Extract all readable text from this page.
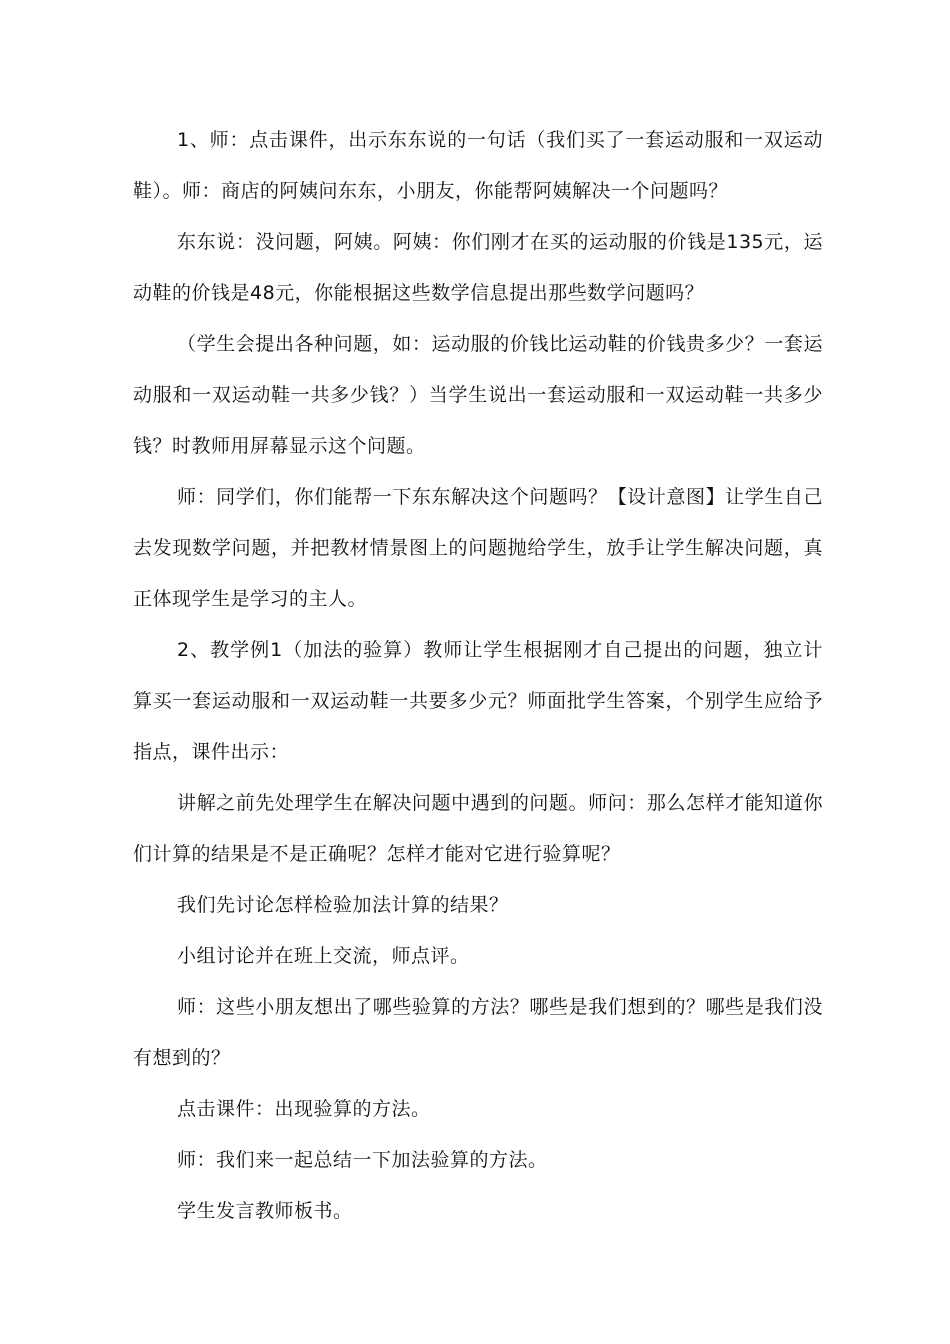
1、师：点击课件，出示东东说的一句话（我们买了一套运动服和一双运动鞋）。师：商店的阿姨问东东，小朋友，你能帮阿姨解决一个问题吗？

东东说：没问题，阿姨。阿姨：你们刚才在买的运动服的价钱是135元，运动鞋的价钱是48元，你能根据这些数学信息提出那些数学问题吗？

（学生会提出各种问题，如：运动服的价钱比运动鞋的价钱贵多少？一套运动服和一双运动鞋一共多少钱？）当学生说出一套运动服和一双运动鞋一共多少钱？时教师用屏幕显示这个问题。

师：同学们，你们能帮一下东东解决这个问题吗？【设计意图】让学生自己去发现数学问题，并把教材情景图上的问题抛给学生，放手让学生解决问题，真正体现学生是学习的主人。

2、教学例1（加法的验算）教师让学生根据刚才自己提出的问题，独立计算买一套运动服和一双运动鞋一共要多少元？师面批学生答案，个别学生应给予指点，课件出示：

讲解之前先处理学生在解决问题中遇到的问题。师问：那么怎样才能知道你们计算的结果是不是正确呢？怎样才能对它进行验算呢？

我们先讨论怎样检验加法计算的结果？

小组讨论并在班上交流，师点评。

师：这些小朋友想出了哪些验算的方法？哪些是我们想到的？哪些是我们没有想到的？

点击课件：出现验算的方法。

师：我们来一起总结一下加法验算的方法。

学生发言教师板书。
